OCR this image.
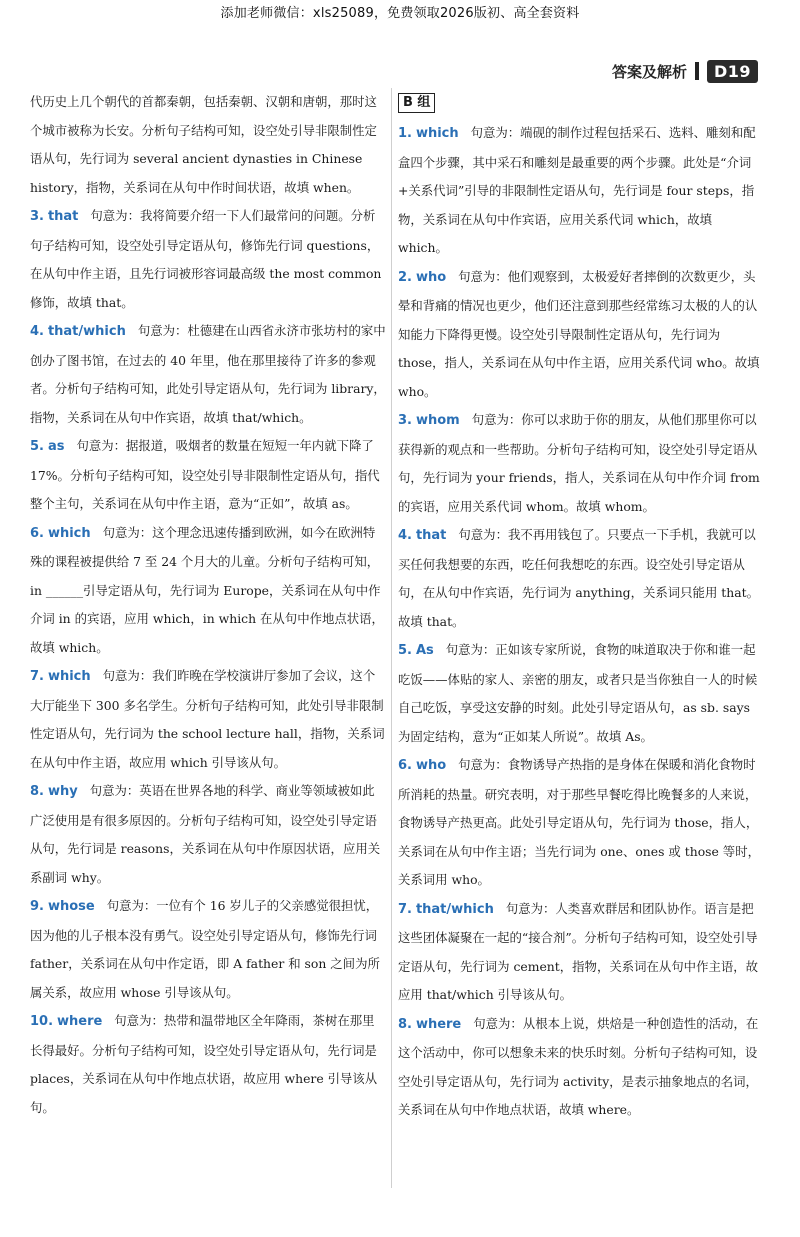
添加老师微信：xls25089，免费领取2026版初、高全套资料
答案及解析	D19
代历史上几个朝代的首都秦朝，包括秦朝、汉朝和唐朝，那时这个城市被称为长安。分析句子结构可知，设空处引导非限制性定语从句，先行词为 several ancient dynasties in Chinese history，指物，关系词在从句中作时间状语，故填 when。
3. that 句意为：我将简要介绍一下人们最常问的问题。分析句子结构可知，设空处引导定语从句，修饰先行词 questions，在从句中作主语，且先行词被形容词最高级 the most common 修饰，故填 that。
4. that/which 句意为：杜德建在山西省永济市张坊村的家中创办了图书馆，在过去的 40 年里，他在那里接待了许多的参观者。分析句子结构可知，此处引导定语从句，先行词为 library，指物，关系词在从句中作宾语，故填 that/which。
5. as 句意为：据报道，吸烟者的数量在短短一年内就下降了 17%。分析句子结构可知，设空处引导非限制性定语从句，指代整个主句，关系词在从句中作主语，意为“正如”，故填 as。
6. which 句意为：这个理念迅速传播到欧洲，如今在欧洲特殊的课程被提供给 7 至 24 个月大的儿童。分析句子结构可知，in ______引导定语从句，先行词为 Europe，关系词在从句中作介词 in 的宾语，应用 which，in which 在从句中作地点状语，故填 which。
7. which 句意为：我们昨晚在学校演讲厅参加了会议，这个大厅能坐下 300 多名学生。分析句子结构可知，此处引导非限制性定语从句，先行词为 the school lecture hall，指物，关系词在从句中作主语，故应用 which 引导该从句。
8. why 句意为：英语在世界各地的科学、商业等领域被如此广泛使用是有很多原因的。分析句子结构可知，设空处引导定语从句，先行词是 reasons，关系词在从句中作原因状语，应用关系副词 why。
9. whose 句意为：一位有个 16 岁儿子的父亲感觉很担忧，因为他的儿子根本没有勇气。设空处引导定语从句，修饰先行词 father，关系词在从句中作定语，即 A father 和 son 之间为所属关系，故应用 whose 引导该从句。
10. where 句意为：热带和温带地区全年降雨，茶树在那里长得最好。分析句子结构可知，设空处引导定语从句，先行词是 places，关系词在从句中作地点状语，故应用 where 引导该从句。
B 组
1. which 句意为：端砚的制作过程包括采石、选料、雕刻和配盒四个步骤，其中采石和雕刻是最重要的两个步骤。此处是“介词+关系代词”引导的非限制性定语从句，先行词是 four steps，指物，关系词在从句中作宾语，应用关系代词 which，故填 which。
2. who 句意为：他们观察到，太极爱好者摔倒的次数更少，头晕和背痛的情况也更少，他们还注意到那些经常练习太极的人的认知能力下降得更慢。设空处引导限制性定语从句，先行词为 those，指人，关系词在从句中作主语，应用关系代词 who。故填 who。
3. whom 句意为：你可以求助于你的朋友，从他们那里你可以获得新的观点和一些帮助。分析句子结构可知，设空处引导定语从句，先行词为 your friends，指人，关系词在从句中作介词 from 的宾语，应用关系代词 whom。故填 whom。
4. that 句意为：我不再用钱包了。只要点一下手机，我就可以买任何我想要的东西，吃任何我想吃的东西。设空处引导定语从句，在从句中作宾语，先行词为 anything，关系词只能用 that。故填 that。
5. As 句意为：正如该专家所说，食物的味道取决于你和谁一起吃饭——体贴的家人、亲密的朋友，或者只是当你独自一人的时候自己吃饭，享受这安静的时刻。此处引导定语从句，as sb. says 为固定结构，意为“正如某人所说”。故填 As。
6. who 句意为：食物诱导产热指的是身体在保暖和消化食物时所消耗的热量。研究表明，对于那些早餐吃得比晚餐多的人来说，食物诱导产热更高。此处引导定语从句，先行词为 those，指人，关系词在从句中作主语；当先行词为 one、ones 或 those 等时，关系词用 who。
7. that/which 句意为：人类喜欢群居和团队协作。语言是把这些团体凝聚在一起的“接合剂”。分析句子结构可知，设空处引导定语从句，先行词为 cement，指物，关系词在从句中作主语，故应用 that/which 引导该从句。
8. where 句意为：从根本上说，烘焙是一种创造性的活动，在这个活动中，你可以想象未来的快乐时刻。分析句子结构可知，设空处引导定语从句，先行词为 activity，是表示抽象地点的名词，关系词在从句中作地点状语，故填 where。
